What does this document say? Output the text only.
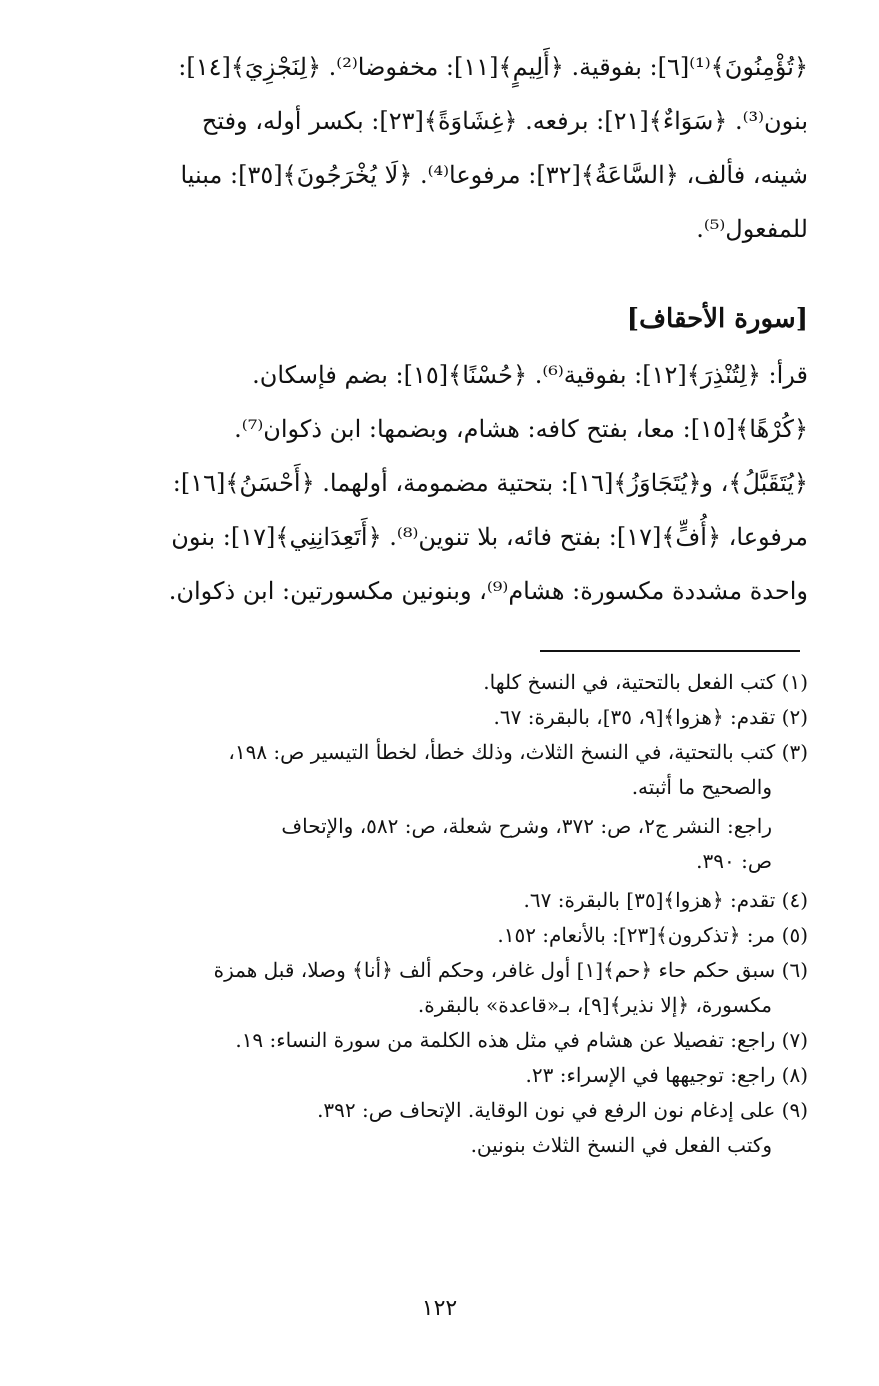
﴿تُؤْمِنُونَ﴾⁽¹⁾[٦]: بفوقية. ﴿أَلِيمٍ﴾[١١]: مخفوضا⁽²⁾. ﴿لِنَجْزِيَ﴾[١٤]:

بنون⁽³⁾. ﴿سَوَاءٌ﴾[٢١]: برفعه. ﴿غِشَاوَةً﴾[٢٣]: بكسر أوله، وفتح

شينه، فألف، ﴿السَّاعَةُ﴾[٣٢]: مرفوعا⁽⁴⁾. ﴿لَا يُخْرَجُونَ﴾[٣٥]: مبنيا

للمفعول⁽⁵⁾.

[سورة الأحقاف]

قرأ: ﴿لِتُنْذِرَ﴾[١٢]: بفوقية⁽⁶⁾. ﴿حُسْنًا﴾[١٥]: بضم فإسكان.

﴿كُرْهًا﴾[١٥]: معا، بفتح كافه: هشام، وبضمها: ابن ذكوان⁽⁷⁾.

﴿يُتَقَبَّلُ﴾، و﴿يُتَجَاوَزُ﴾[١٦]: بتحتية مضمومة، أولهما. ﴿أَحْسَنُ﴾[١٦]:

مرفوعا، ﴿أُفٍّ﴾[١٧]: بفتح فائه، بلا تنوين⁽⁸⁾. ﴿أَتَعِدَانِنِي﴾[١٧]: بنون

واحدة مشددة مكسورة: هشام⁽⁹⁾، وبنونين مكسورتين: ابن ذكوان.

(١) كتب الفعل بالتحتية، في النسخ كلها.

(٢) تقدم: ﴿هزوا﴾[٩، ٣٥]، بالبقرة: ٦٧.

(٣) كتب بالتحتية، في النسخ الثلاث، وذلك خطأ، لخطأ التيسير ص: ١٩٨،

والصحيح ما أثبته.

راجع: النشر ج٢، ص: ٣٧٢، وشرح شعلة، ص: ٥٨٢، والإتحاف

ص: ٣٩٠.

(٤) تقدم: ﴿هزوا﴾[٣٥] بالبقرة: ٦٧.

(٥) مر: ﴿تذكرون﴾[٢٣]: بالأنعام: ١٥٢.

(٦) سبق حكم حاء ﴿حم﴾[١] أول غافر، وحكم ألف ﴿أنا﴾ وصلا، قبل همزة

مكسورة، ﴿إلا نذير﴾[٩]، بـ«قاعدة» بالبقرة.

(٧) راجع: تفصيلا عن هشام في مثل هذه الكلمة من سورة النساء: ١٩.

(٨) راجع: توجيهها في الإسراء: ٢٣.

(٩) على إدغام نون الرفع في نون الوقاية. الإتحاف ص: ٣٩٢.

وكتب الفعل في النسخ الثلاث بنونين.

١٢٢
